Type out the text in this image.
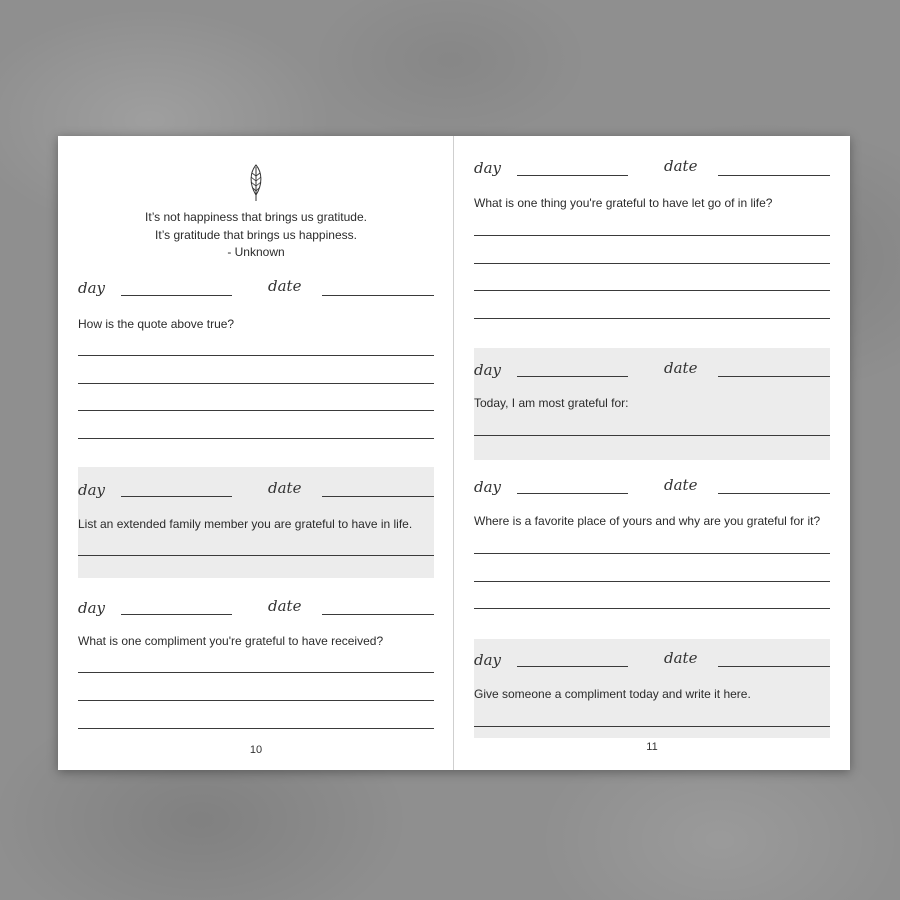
It’s not happiness that brings us gratitude.
It’s gratitude that brings us happiness.
- Unknown
day	date
How is the quote above true?
day	date
List an extended family member you are grateful to have in life.
day	date
What is one compliment you're grateful to have received?
10
day	date
What is one thing you're grateful to have let go of in life?
day	date
Today, I am most grateful for:
day	date
Where is a favorite place of yours and why are you grateful for it?
day	date
Give someone a compliment today and write it here.
11
